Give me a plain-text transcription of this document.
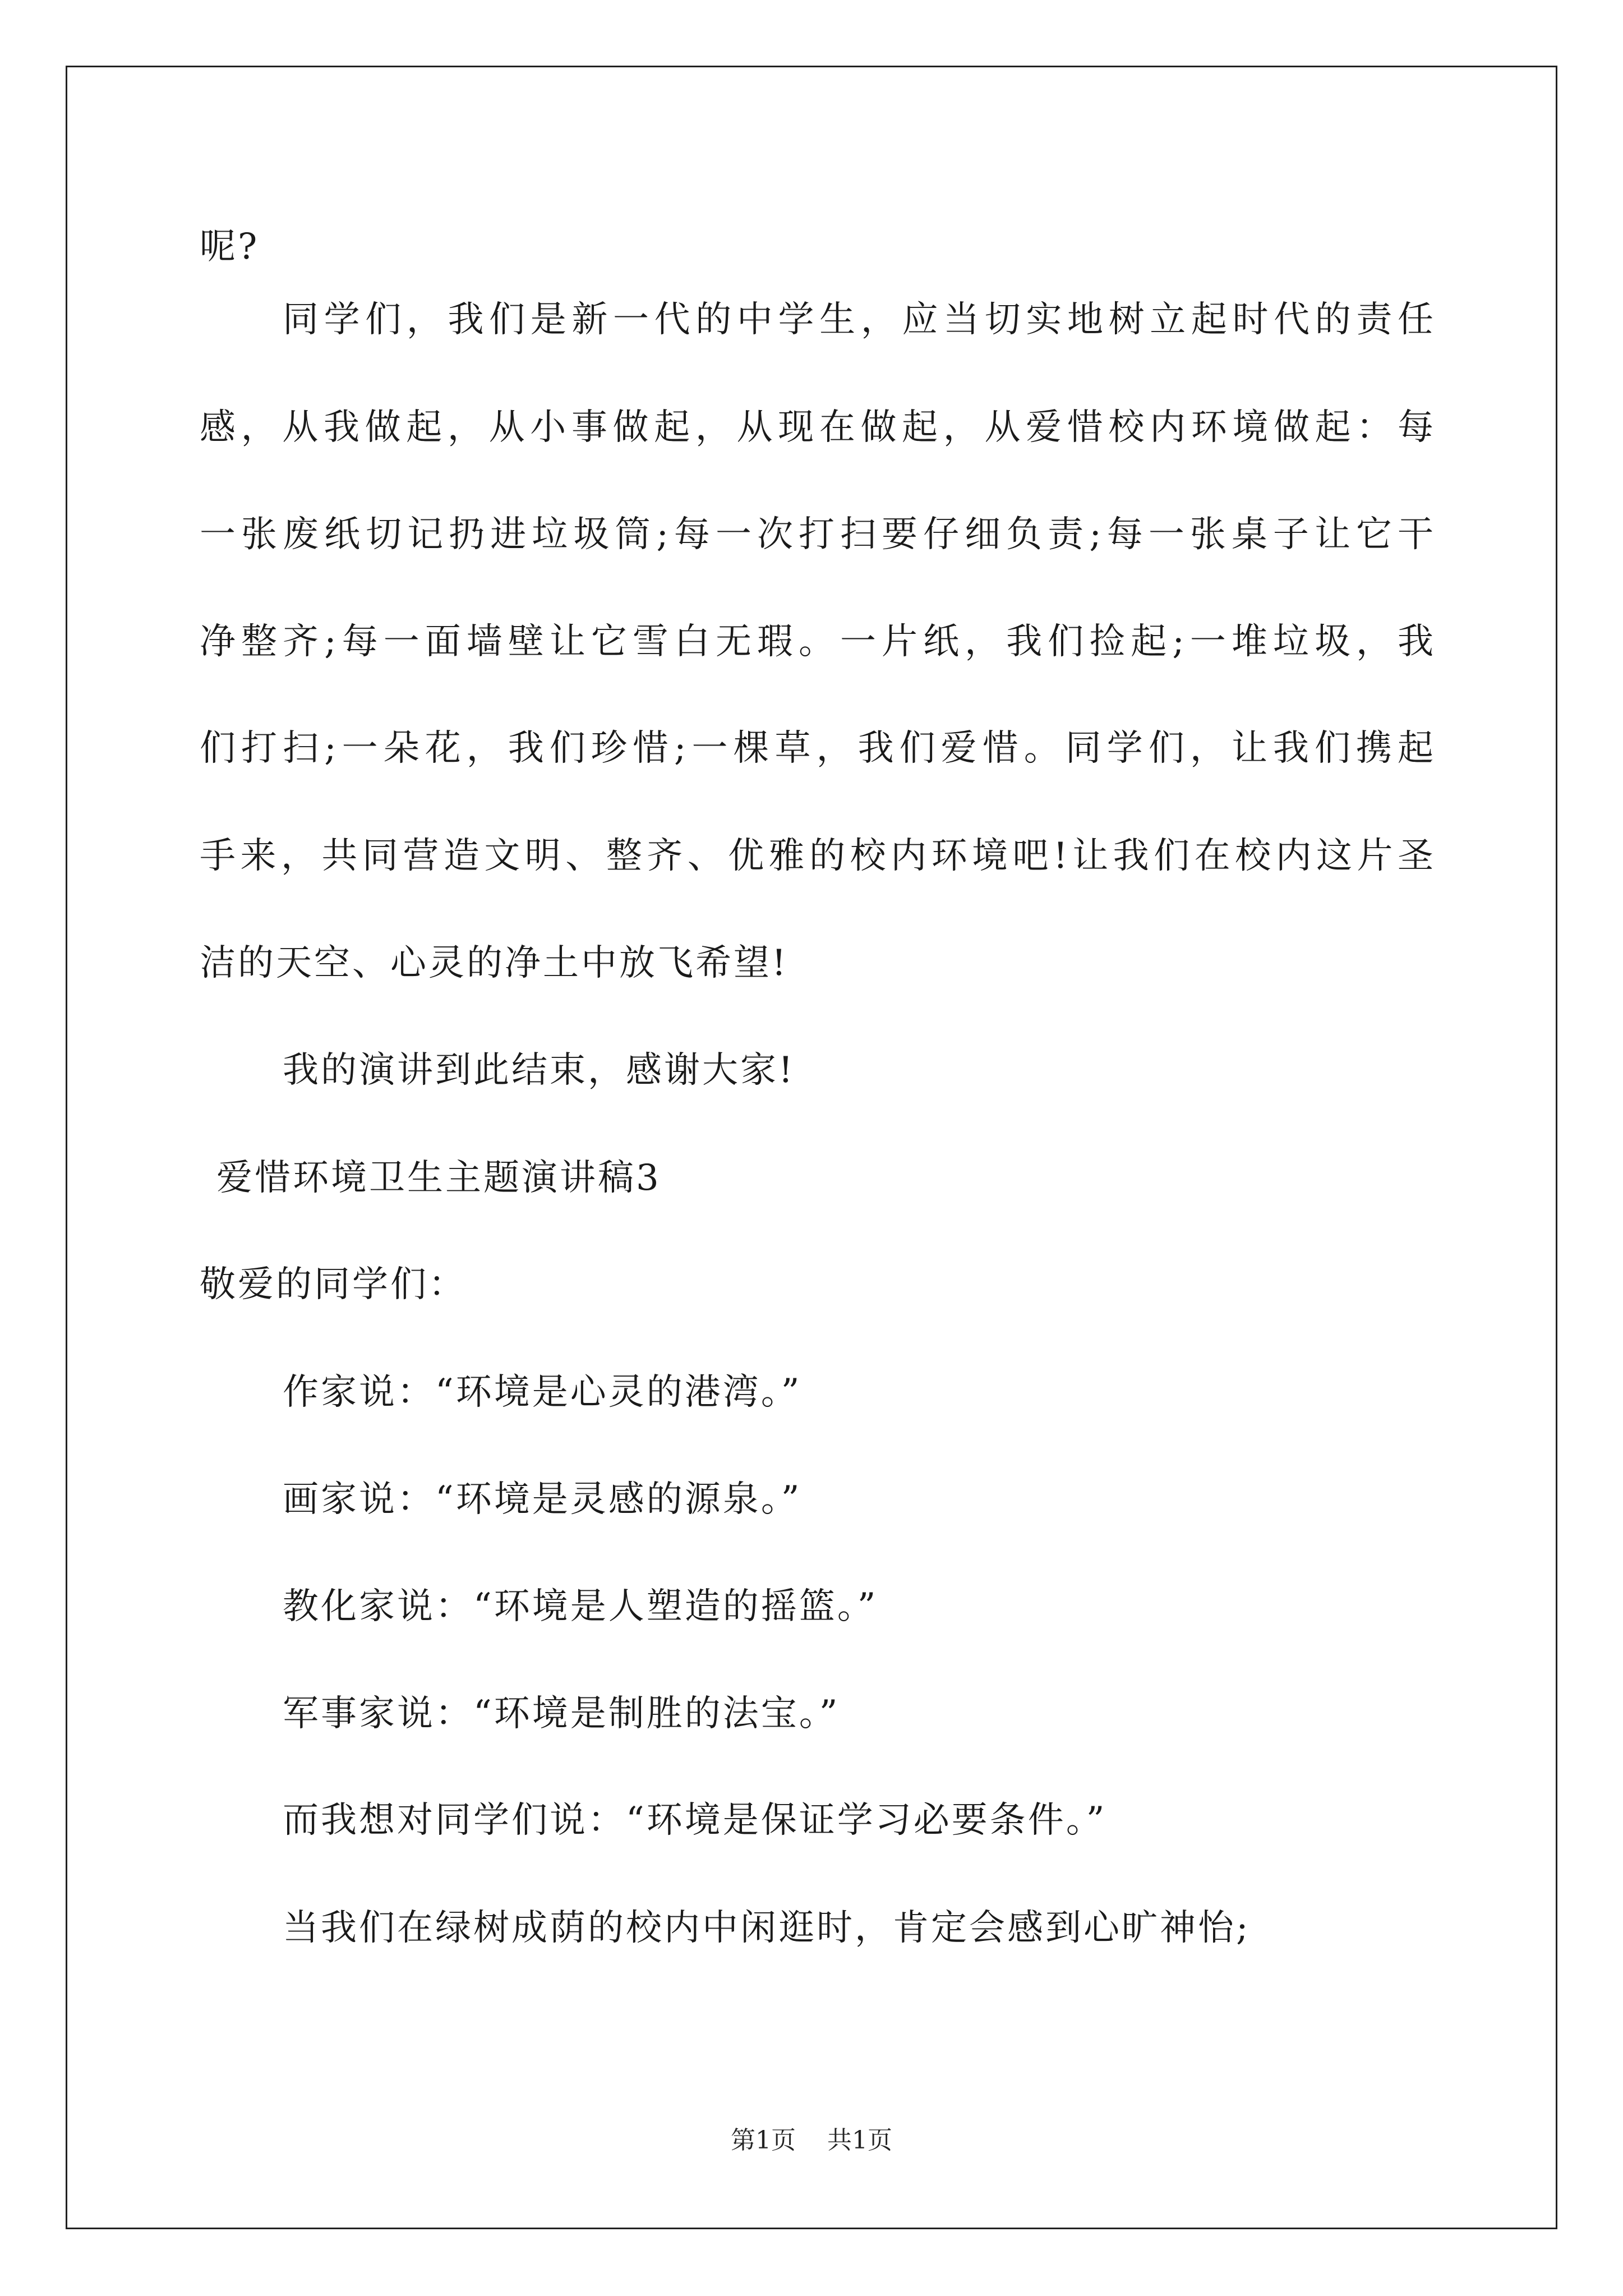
呢?
同学们，我们是新一代的中学生，应当切实地树立起时代的责任
感，从我做起，从小事做起，从现在做起，从爱惜校内环境做起：每
一张废纸切记扔进垃圾筒;每一次打扫要仔细负责;每一张桌子让它干
净整齐;每一面墙壁让它雪白无瑕。一片纸，我们捡起;一堆垃圾，我
们打扫;一朵花，我们珍惜;一棵草，我们爱惜。同学们，让我们携起
手来，共同营造文明、整齐、优雅的校内环境吧!让我们在校内这片圣
洁的天空、心灵的净土中放飞希望!
我的演讲到此结束，感谢大家!
爱惜环境卫生主题演讲稿3
敬爱的同学们：
作家说：“环境是心灵的港湾。”
画家说：“环境是灵感的源泉。”
教化家说：“环境是人塑造的摇篮。”
军事家说：“环境是制胜的法宝。”
而我想对同学们说：“环境是保证学习必要条件。”
当我们在绿树成荫的校内中闲逛时，肯定会感到心旷神怡;
第1页 共1页
